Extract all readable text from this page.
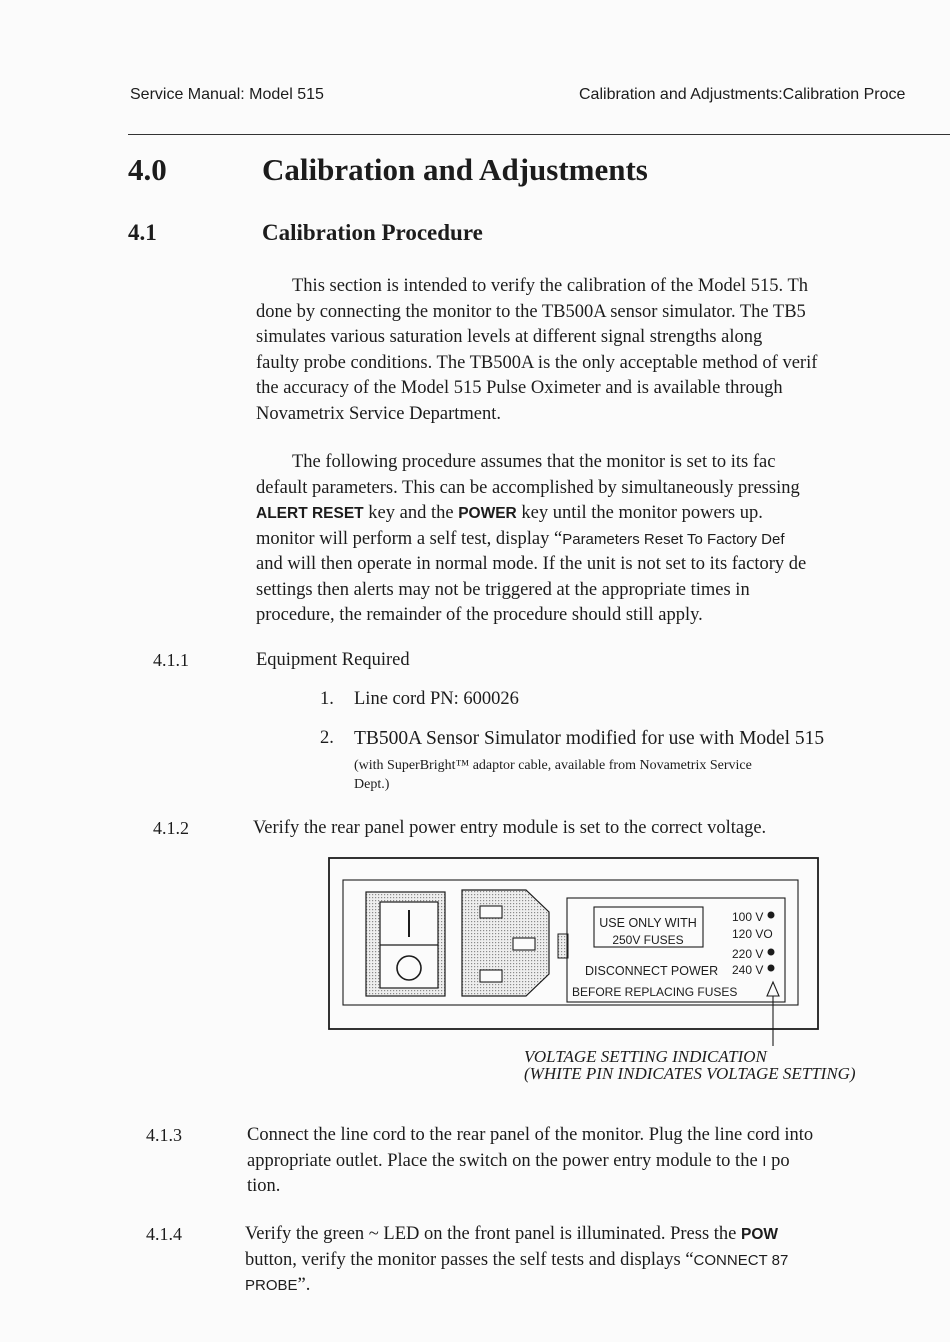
Service Manual: Model 515	Calibration and Adjustments:Calibration Proce
4.0	Calibration and Adjustments
4.1	Calibration Procedure
This section is intended to verify the calibration of the Model 515. Th
done by connecting the monitor to the TB500A sensor simulator. The TB5
simulates various saturation levels at different signal strengths along
faulty probe conditions. The TB500A is the only acceptable method of verif
the accuracy of the Model 515 Pulse Oximeter and is available through
Novametrix Service Department.
The following procedure assumes that the monitor is set to its fac
default parameters. This can be accomplished by simultaneously pressing
ALERT RESET key and the POWER key until the monitor powers up.
monitor will perform a self test, display “Parameters Reset To Factory Def
and will then operate in normal mode. If the unit is not set to its factory de
settings then alerts may not be triggered at the appropriate times in
procedure, the remainder of the procedure should still apply.
4.1.1	Equipment Required
1. Line cord PN: 600026
2. TB500A Sensor Simulator modified for use with Model 515
(with SuperBright™ adaptor cable, available from Novametrix Service
Dept.)
4.1.2	Verify the rear panel power entry module is set to the correct voltage.
USE ONLY WITH
250V FUSES
100 V
120 VO
220 V
240 V
DISCONNECT POWER
BEFORE REPLACING FUSES
VOLTAGE SETTING INDICATION
(WHITE PIN INDICATES VOLTAGE SETTING)
4.1.3	Connect the line cord to the rear panel of the monitor. Plug the line cord into
appropriate outlet. Place the switch on the power entry module to the I po
tion.
4.1.4	Verify the green ~ LED on the front panel is illuminated. Press the POW
button, verify the monitor passes the self tests and displays “CONNECT 87
PROBE”.
